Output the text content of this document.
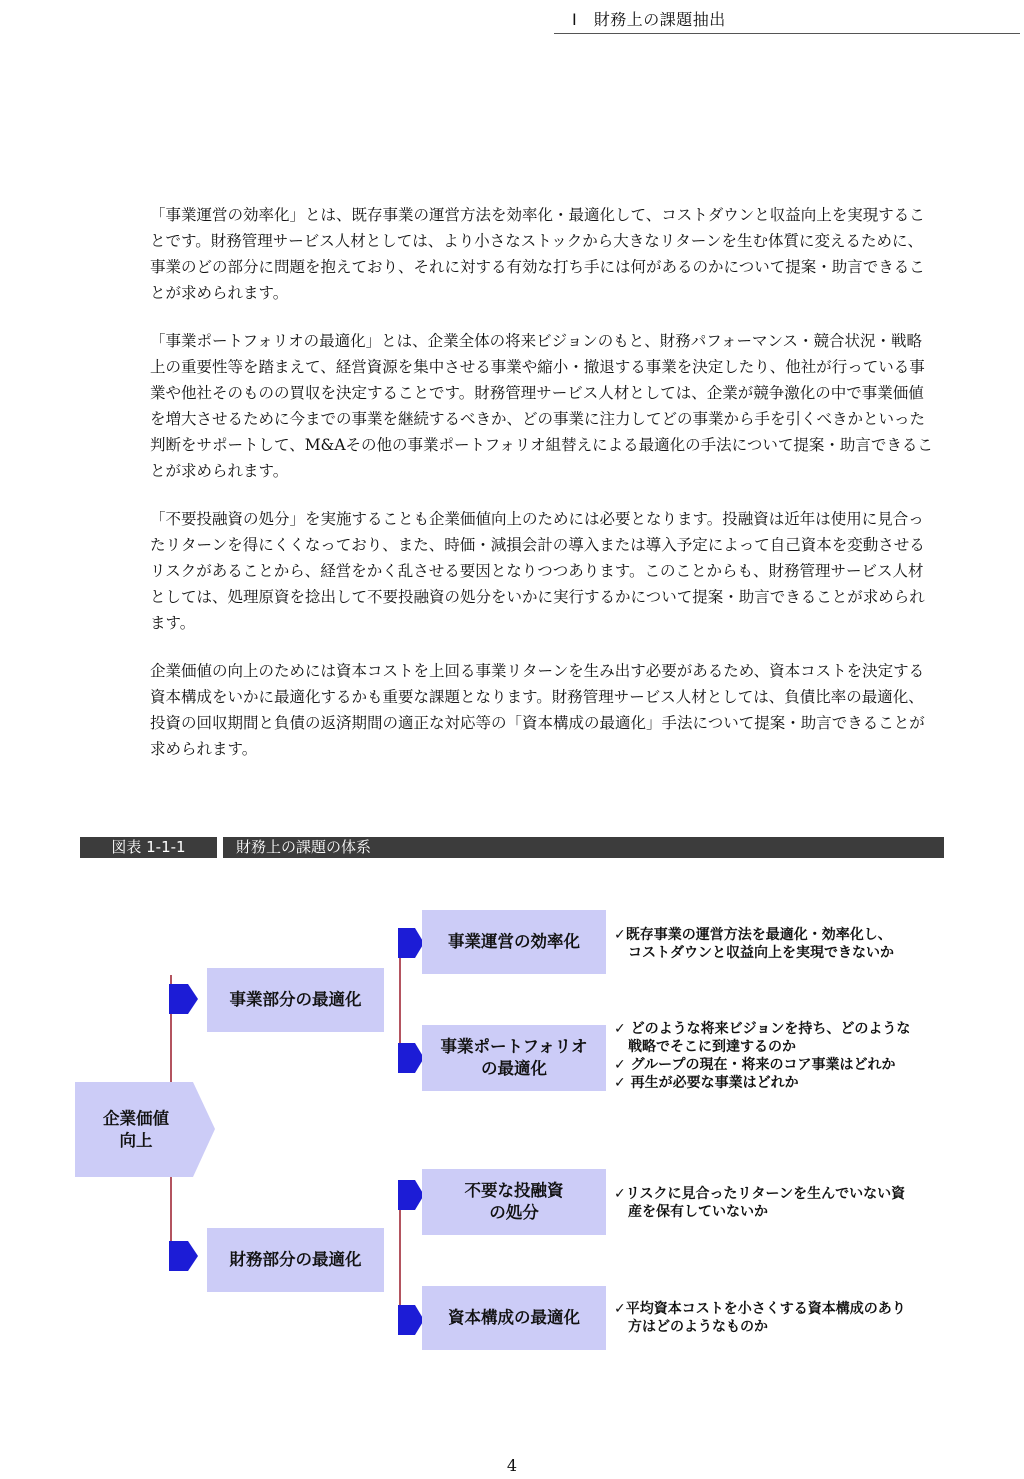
Ⅰ　財務上の課題抽出

「事業運営の効率化」とは、既存事業の運営方法を効率化・最適化して、コストダウンと収益向上を実現することです。財務管理サービス人材としては、より小さなストックから大きなリターンを生む体質に変えるために、事業のどの部分に問題を抱えており、それに対する有効な打ち手には何があるのかについて提案・助言できることが求められます。

「事業ポートフォリオの最適化」とは、企業全体の将来ビジョンのもと、財務パフォーマンス・競合状況・戦略上の重要性等を踏まえて、経営資源を集中させる事業や縮小・撤退する事業を決定したり、他社が行っている事業や他社そのものの買収を決定することです。財務管理サービス人材としては、企業が競争激化の中で事業価値を増大させるために今までの事業を継続するべきか、どの事業に注力してどの事業から手を引くべきかといった判断をサポートして、M&Aその他の事業ポートフォリオ組替えによる最適化の手法について提案・助言できることが求められます。

「不要投融資の処分」を実施することも企業価値向上のためには必要となります。投融資は近年は使用に見合ったリターンを得にくくなっており、また、時価・減損会計の導入または導入予定によって自己資本を変動させるリスクがあることから、経営をかく乱させる要因となりつつあります。このことからも、財務管理サービス人材としては、処理原資を捻出して不要投融資の処分をいかに実行するかについて提案・助言できることが求められます。

企業価値の向上のためには資本コストを上回る事業リターンを生み出す必要があるため、資本コストを決定する資本構成をいかに最適化するかも重要な課題となります。財務管理サービス人材としては、負債比率の最適化、投資の回収期間と負債の返済期間の適正な対応等の「資本構成の最適化」手法について提案・助言できることが求められます。

図表 1-1-1	財務上の課題の体系
企業価値
向上
事業部分の最適化
財務部分の最適化
事業運営の効率化
事業ポートフォリオ
の最適化
不要な投融資
の処分
資本構成の最適化
✓既存事業の運営方法を最適化・効率化し、
　コストダウンと収益向上を実現できないか
✓ どのような将来ビジョンを持ち、どのような
　戦略でそこに到達するのか
✓ グループの現在・将来のコア事業はどれか
✓ 再生が必要な事業はどれか
✓リスクに見合ったリターンを生んでいない資
　産を保有していないか
✓平均資本コストを小さくする資本構成のあり
　方はどのようなものか
4
